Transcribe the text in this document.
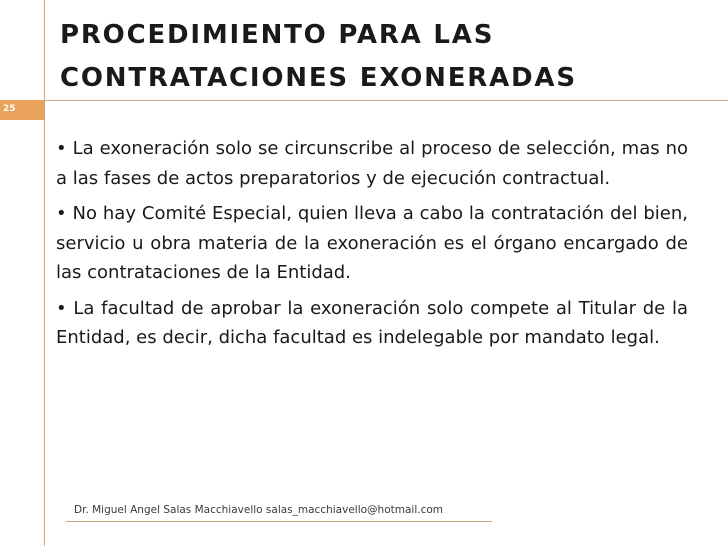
25
PROCEDIMIENTO PARA LAS
CONTRATACIONES EXONERADAS

• La exoneración solo se circunscribe al proceso de selección, mas no a las fases de actos preparatorios y de ejecución contractual.

• No hay Comité Especial, quien lleva a cabo la contratación del bien, servicio u obra materia de la exoneración es el órgano encargado de las contrataciones de la Entidad.

• La facultad de aprobar la exoneración solo compete al Titular de la Entidad, es decir, dicha facultad es indelegable por mandato legal.

Dr. Miguel Angel Salas Macchiavello salas_macchiavello@hotmail.com
